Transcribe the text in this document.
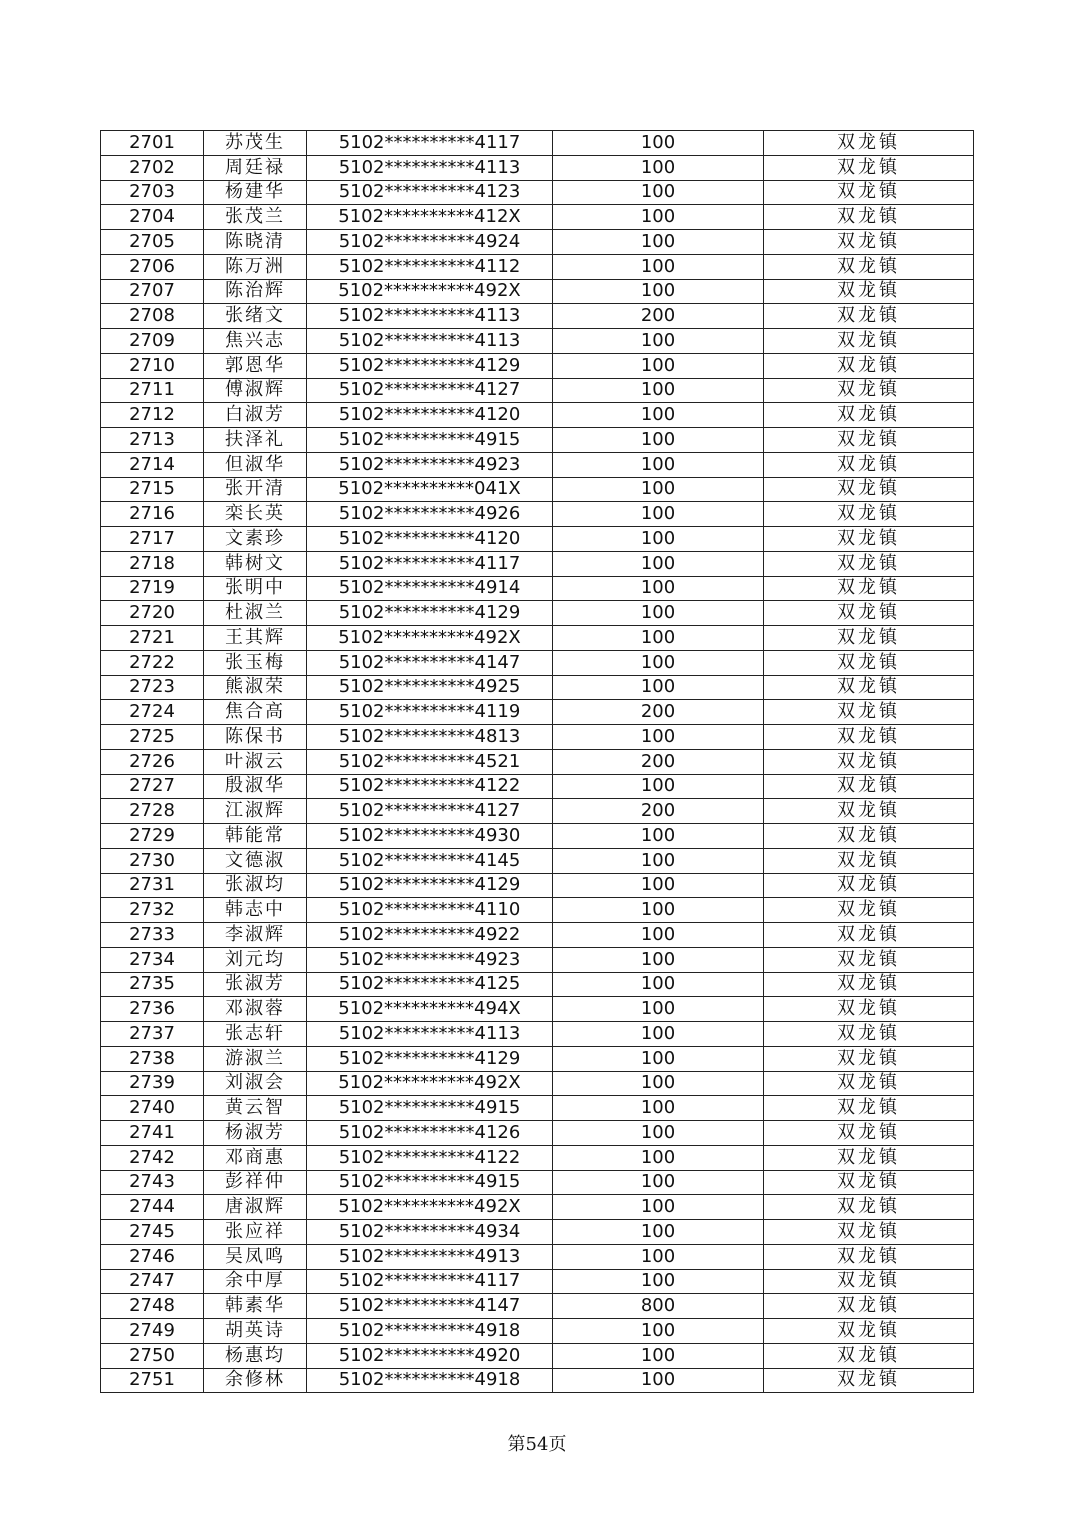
2701	苏茂生	5102**********4117	100	双龙镇
2702	周廷禄	5102**********4113	100	双龙镇
2703	杨建华	5102**********4123	100	双龙镇
2704	张茂兰	5102**********412X	100	双龙镇
2705	陈晓清	5102**********4924	100	双龙镇
2706	陈万洲	5102**********4112	100	双龙镇
2707	陈治辉	5102**********492X	100	双龙镇
2708	张绪文	5102**********4113	200	双龙镇
2709	焦兴志	5102**********4113	100	双龙镇
2710	郭恩华	5102**********4129	100	双龙镇
2711	傅淑辉	5102**********4127	100	双龙镇
2712	白淑芳	5102**********4120	100	双龙镇
2713	扶泽礼	5102**********4915	100	双龙镇
2714	但淑华	5102**********4923	100	双龙镇
2715	张开清	5102**********041X	100	双龙镇
2716	栾长英	5102**********4926	100	双龙镇
2717	文素珍	5102**********4120	100	双龙镇
2718	韩树文	5102**********4117	100	双龙镇
2719	张明中	5102**********4914	100	双龙镇
2720	杜淑兰	5102**********4129	100	双龙镇
2721	王其辉	5102**********492X	100	双龙镇
2722	张玉梅	5102**********4147	100	双龙镇
2723	熊淑荣	5102**********4925	100	双龙镇
2724	焦合高	5102**********4119	200	双龙镇
2725	陈保书	5102**********4813	100	双龙镇
2726	叶淑云	5102**********4521	200	双龙镇
2727	殷淑华	5102**********4122	100	双龙镇
2728	江淑辉	5102**********4127	200	双龙镇
2729	韩能常	5102**********4930	100	双龙镇
2730	文德淑	5102**********4145	100	双龙镇
2731	张淑均	5102**********4129	100	双龙镇
2732	韩志中	5102**********4110	100	双龙镇
2733	李淑辉	5102**********4922	100	双龙镇
2734	刘元均	5102**********4923	100	双龙镇
2735	张淑芳	5102**********4125	100	双龙镇
2736	邓淑蓉	5102**********494X	100	双龙镇
2737	张志轩	5102**********4113	100	双龙镇
2738	游淑兰	5102**********4129	100	双龙镇
2739	刘淑会	5102**********492X	100	双龙镇
2740	黄云智	5102**********4915	100	双龙镇
2741	杨淑芳	5102**********4126	100	双龙镇
2742	邓商惠	5102**********4122	100	双龙镇
2743	彭祥仲	5102**********4915	100	双龙镇
2744	唐淑辉	5102**********492X	100	双龙镇
2745	张应祥	5102**********4934	100	双龙镇
2746	吴凤鸣	5102**********4913	100	双龙镇
2747	余中厚	5102**********4117	100	双龙镇
2748	韩素华	5102**********4147	800	双龙镇
2749	胡英诗	5102**********4918	100	双龙镇
2750	杨惠均	5102**********4920	100	双龙镇
2751	余修林	5102**********4918	100	双龙镇
第54页
